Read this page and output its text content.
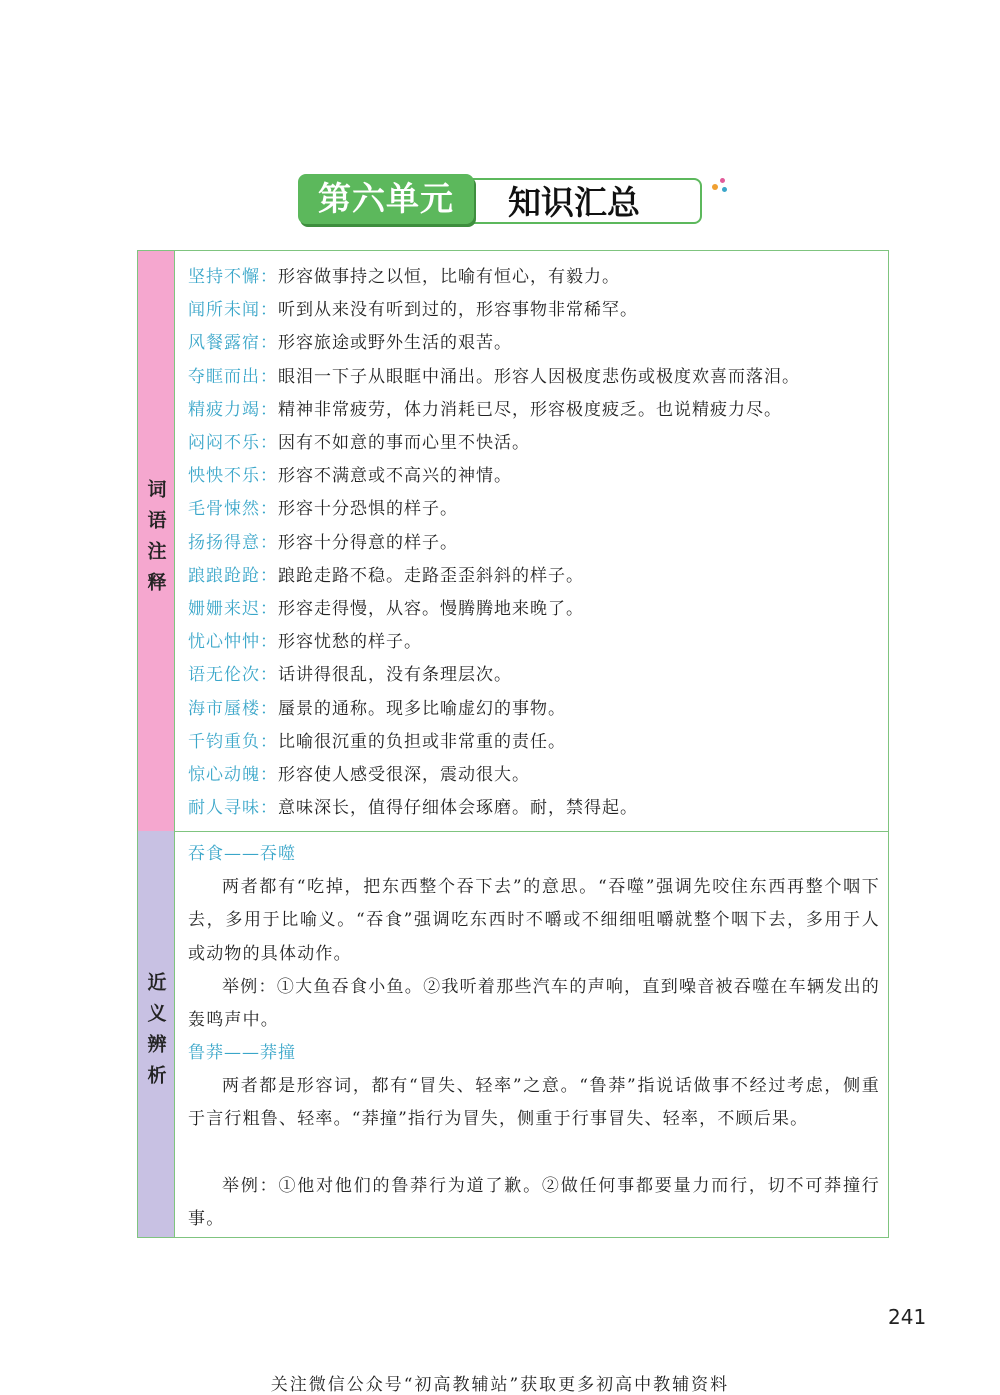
第六单元	知识汇总
词语注释
坚持不懈：形容做事持之以恒，比喻有恒心，有毅力。
闻所未闻：听到从来没有听到过的，形容事物非常稀罕。
风餐露宿：形容旅途或野外生活的艰苦。
夺眶而出：眼泪一下子从眼眶中涌出。形容人因极度悲伤或极度欢喜而落泪。
精疲力竭：精神非常疲劳，体力消耗已尽，形容极度疲乏。也说精疲力尽。
闷闷不乐：因有不如意的事而心里不快活。
怏怏不乐：形容不满意或不高兴的神情。
毛骨悚然：形容十分恐惧的样子。
扬扬得意：形容十分得意的样子。
踉踉跄跄：踉跄走路不稳。走路歪歪斜斜的样子。
姗姗来迟：形容走得慢，从容。慢腾腾地来晚了。
忧心忡忡：形容忧愁的样子。
语无伦次：话讲得很乱，没有条理层次。
海市蜃楼：蜃景的通称。现多比喻虚幻的事物。
千钧重负：比喻很沉重的负担或非常重的责任。
惊心动魄：形容使人感受很深，震动很大。
耐人寻味：意味深长，值得仔细体会琢磨。耐，禁得起。
近义辨析
吞食——吞噬

两者都有“吃掉，把东西整个吞下去”的意思。“吞噬”强调先咬住东西再整个咽下去，多用于比喻义。“吞食”强调吃东西时不嚼或不细细咀嚼就整个咽下去，多用于人或动物的具体动作。

举例：①大鱼吞食小鱼。②我听着那些汽车的声响，直到噪音被吞噬在车辆发出的轰鸣声中。

鲁莽——莽撞

两者都是形容词，都有“冒失、轻率”之意。“鲁莽”指说话做事不经过考虑，侧重于言行粗鲁、轻率。“莽撞”指行为冒失，侧重于行事冒失、轻率，不顾后果。

举例：①他对他们的鲁莽行为道了歉。②做任何事都要量力而行，切不可莽撞行事。

241
关注微信公众号“初高教辅站”获取更多初高中教辅资料
